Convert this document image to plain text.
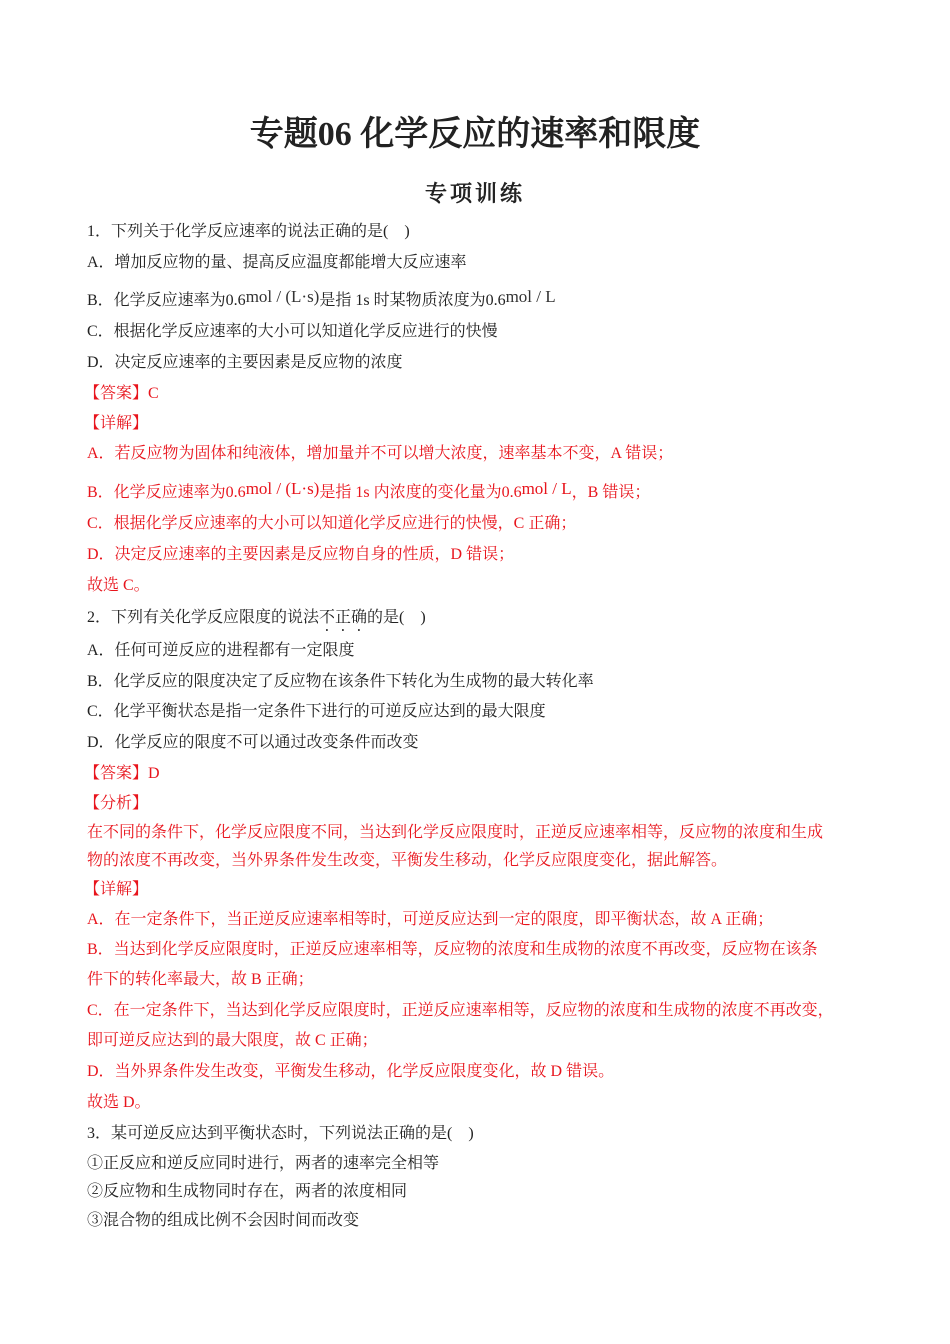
专题06 化学反应的速率和限度
专项训练
1．下列关于化学反应速率的说法正确的是(　)
A．增加反应物的量、提高反应温度都能增大反应速率
B．化学反应速率为0.6mol / (L·s)是指 1s 时某物质浓度为0.6mol / L
C．根据化学反应速率的大小可以知道化学反应进行的快慢
D．决定反应速率的主要因素是反应物的浓度
【答案】C
【详解】
A．若反应物为固体和纯液体，增加量并不可以增大浓度，速率基本不变，A 错误；
B．化学反应速率为0.6mol / (L·s)是指 1s 内浓度的变化量为0.6mol / L，B 错误；
C．根据化学反应速率的大小可以知道化学反应进行的快慢，C 正确；
D．决定反应速率的主要因素是反应物自身的性质，D 错误；
故选 C。
2．下列有关化学反应限度的说法不正确的是(　)
A．任何可逆反应的进程都有一定限度
B．化学反应的限度决定了反应物在该条件下转化为生成物的最大转化率
C．化学平衡状态是指一定条件下进行的可逆反应达到的最大限度
D．化学反应的限度不可以通过改变条件而改变
【答案】D
【分析】
在不同的条件下，化学反应限度不同，当达到化学反应限度时，正逆反应速率相等，反应物的浓度和生成
物的浓度不再改变，当外界条件发生改变，平衡发生移动，化学反应限度变化，据此解答。
【详解】
A．在一定条件下，当正逆反应速率相等时，可逆反应达到一定的限度，即平衡状态，故 A 正确；
B．当达到化学反应限度时，正逆反应速率相等，反应物的浓度和生成物的浓度不再改变，反应物在该条
件下的转化率最大，故 B 正确；
C．在一定条件下，当达到化学反应限度时，正逆反应速率相等，反应物的浓度和生成物的浓度不再改变，
即可逆反应达到的最大限度，故 C 正确；
D．当外界条件发生改变，平衡发生移动，化学反应限度变化，故 D 错误。
故选 D。
3．某可逆反应达到平衡状态时，下列说法正确的是(　)
①正反应和逆反应同时进行，两者的速率完全相等
②反应物和生成物同时存在，两者的浓度相同
③混合物的组成比例不会因时间而改变
